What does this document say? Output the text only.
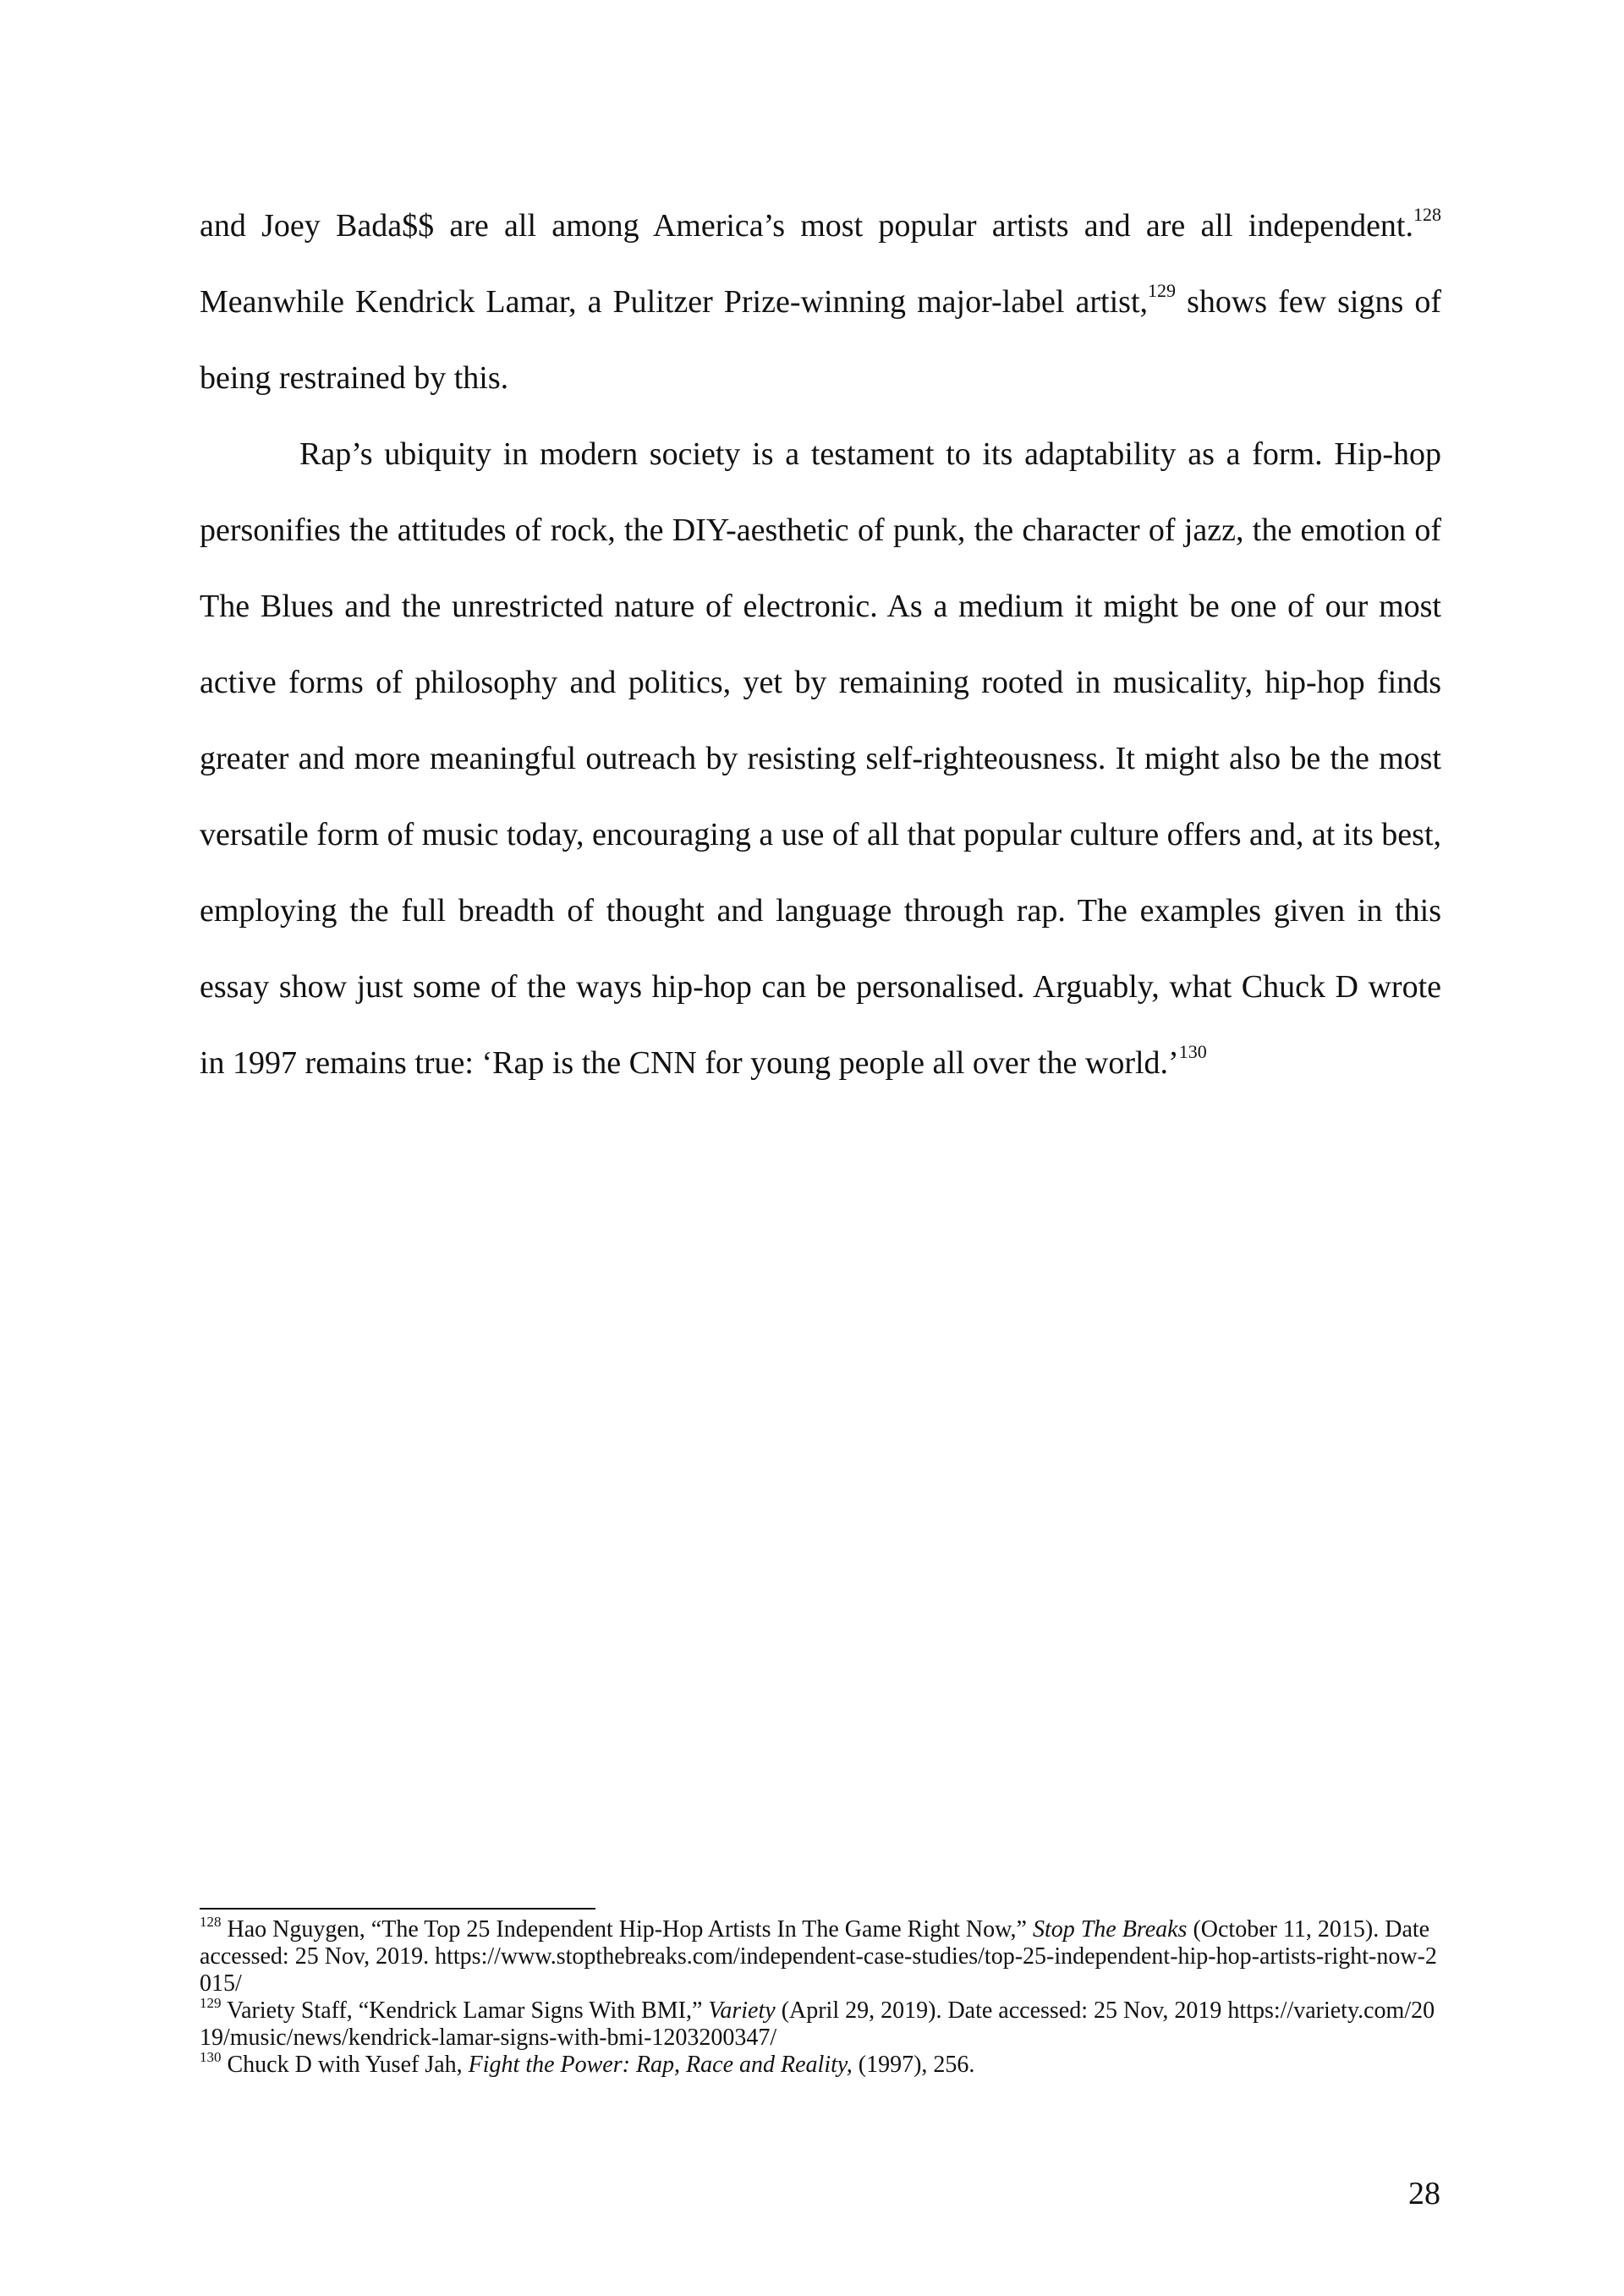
and Joey Bada$$ are all among America’s most popular artists and are all independent.$^{128}$ Meanwhile Kendrick Lamar, a Pulitzer Prize-winning major-label artist,$^{129}$ shows few signs of being restrained by this.

Rap’s ubiquity in modern society is a testament to its adaptability as a form. Hip-hop personifies the attitudes of rock, the DIY-aesthetic of punk, the character of jazz, the emotion of The Blues and the unrestricted nature of electronic. As a medium it might be one of our most active forms of philosophy and politics, yet by remaining rooted in musicality, hip-hop finds greater and more meaningful outreach by resisting self-righteousness. It might also be the most versatile form of music today, encouraging a use of all that popular culture offers and, at its best, employing the full breadth of thought and language through rap. The examples given in this essay show just some of the ways hip-hop can be personalised. Arguably, what Chuck D wrote in 1997 remains true: ‘Rap is the CNN for young people all over the world.’$^{130}$

$^{128}$ Hao Nguygen, “The Top 25 Independent Hip-Hop Artists In The Game Right Now,” Stop The Breaks (October 11, 2015). Date accessed: 25 Nov, 2019. https://www.stopthebreaks.com/independent-case-studies/top-25-independent-hip-hop-artists-right-now-2015/

$^{129}$ Variety Staff, “Kendrick Lamar Signs With BMI,” Variety (April 29, 2019). Date accessed: 25 Nov, 2019 https://variety.com/2019/music/news/kendrick-lamar-signs-with-bmi-1203200347/

$^{130}$ Chuck D with Yusef Jah, Fight the Power: Rap, Race and Reality, (1997), 256.

28
